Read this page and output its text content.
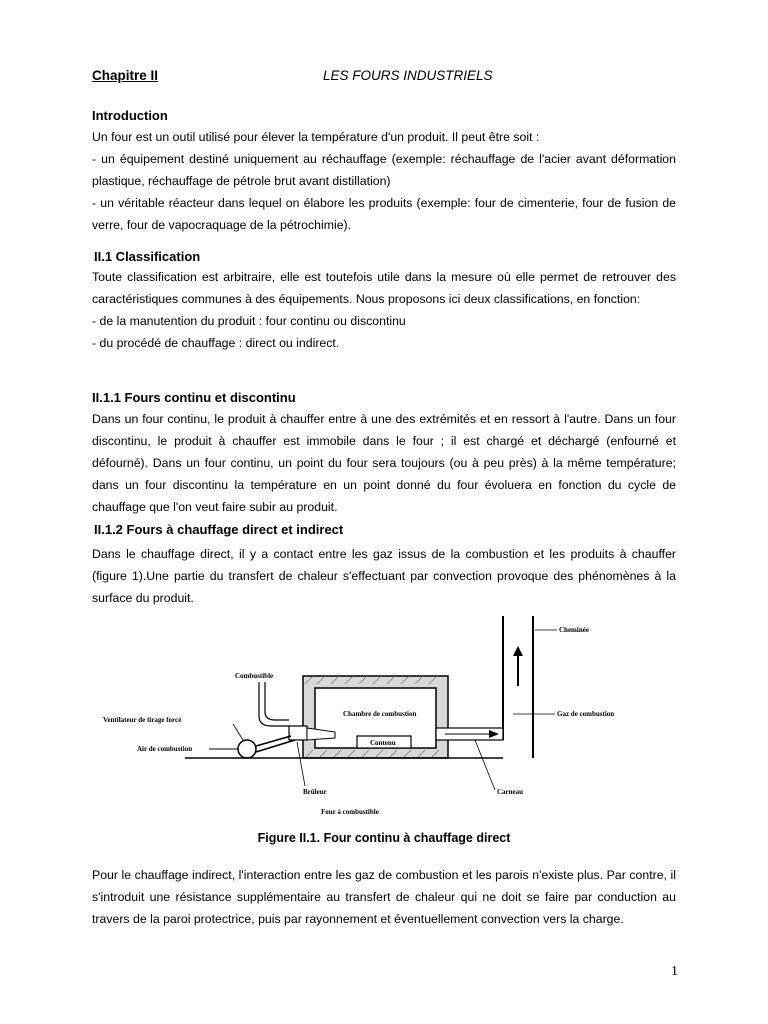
Chapitre II	LES FOURS INDUSTRIELS
Introduction

Un four est un outil utilisé pour élever la température d'un produit. Il peut être soit :

- un équipement destiné uniquement au réchauffage (exemple: réchauffage de l'acier avant déformation plastique, réchauffage de pétrole brut avant distillation)

- un véritable réacteur dans lequel on élabore les produits (exemple: four de cimenterie, four de fusion de verre, four de vapocraquage de la pétrochimie).

II.1 Classification

Toute classification est arbitraire, elle est toutefois utile dans la mesure où elle permet de retrouver des caractéristiques communes à des équipements. Nous proposons ici deux classifications, en fonction:

- de la manutention du produit : four continu ou discontinu

- du procédé de chauffage : direct ou indirect.

II.1.1 Fours continu et discontinu

Dans un four continu, le produit à chauffer entre à une des extrémités et en ressort à l'autre. Dans un four discontinu, le produit à chauffer est immobile dans le four ; il est chargé et déchargé (enfourné et défourné). Dans un four continu, un point du four sera toujours (ou à peu près) à la même température; dans un four discontinu la température en un point donné du four évoluera en fonction du cycle de chauffage que l'on veut faire subir au produit.

II.1.2 Fours à chauffage direct et indirect

Dans le chauffage direct, il y a contact entre les gaz issus de la combustion et les produits à chauffer (figure 1).Une partie du transfert de chaleur s'effectuant par convection provoque des phénomènes à la surface du produit.

Cheminée
Combustible
Ventilateur de tirage forcé
Chambre de combustion	Gaz de combustion
Air de combustion
Contenu
Brûleur	Carneau
Four à combustible
Figure II.1. Four continu à chauffage direct

Pour le chauffage indirect, l'interaction entre les gaz de combustion et les parois n'existe plus. Par contre, il s'introduit une résistance supplémentaire au transfert de chaleur qui ne doit se faire par conduction au travers de la paroi protectrice, puis par rayonnement et éventuellement convection vers la charge.

1
